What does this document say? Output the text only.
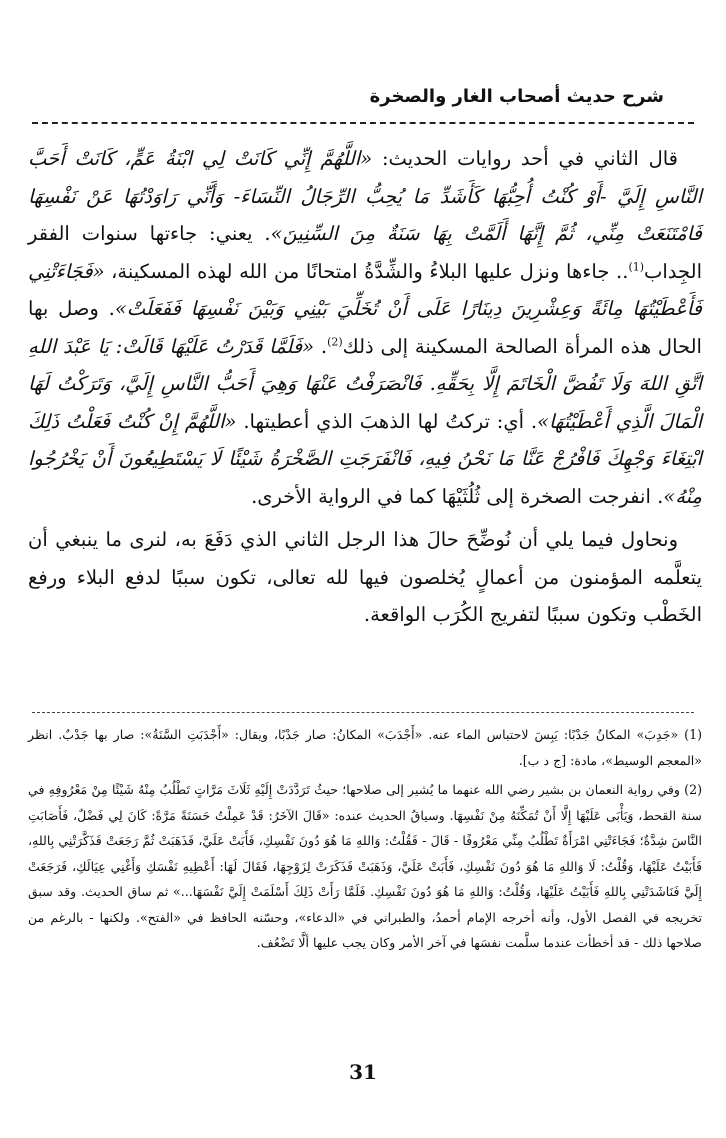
شرح حديث أصحاب الغار والصخرة

قال الثاني في أحد روايات الحديث: «اللَّهُمَّ إِنِّي كَانَتْ لِي ابْنَةُ عَمٍّ، كَانَتْ أَحَبَّ النَّاسِ إِلَيَّ -أَوْ كُنْتُ أُحِبُّهَا كَأَشَدِّ مَا يُحِبُّ الرِّجَالُ النِّسَاءَ- وَأَنِّي رَاوَدْتُهَا عَنْ نَفْسِهَا فَامْتَنَعَتْ مِنِّي، ثُمَّ إِنَّهَا أَلَمَّتْ بِهَا سَنَةٌ مِنَ السِّنِينَ». يعني: جاءتها سنوات الفقر الجِداب$^{(1)}$.. جاءها ونزل عليها البلاءُ والشِّدَّةُ امتحانًا من الله لهذه المسكينة، «فَجَاءَتْنِي فَأَعْطَيْتُهَا مِائَةً وَعِشْرِينَ دِينَارًا عَلَى أَنْ تُخَلِّيَ بَيْنِي وَبَيْنَ نَفْسِهَا فَفَعَلَتْ». وصل بها الحال هذه المرأة الصالحة المسكينة إلى ذلك$^{(2)}$. «فَلَمَّا قَدَرْتُ عَلَيْهَا قَالَتْ: يَا عَبْدَ اللهِ اتَّقِ اللهَ وَلَا تَفُضَّ الْخَاتَمَ إِلَّا بِحَقِّهِ. فَانْصَرَفْتُ عَنْهَا وَهِيَ أَحَبُّ النَّاسِ إِلَيَّ، وَتَرَكْتُ لَهَا الْمَالَ الَّذِي أَعْطَيْتُهَا». أي: تركتُ لها الذهبَ الذي أعطيتها. «اللَّهُمَّ إِنْ كُنْتُ فَعَلْتُ ذَلِكَ ابْتِغَاءَ وَجْهِكَ فَافْرُجْ عَنَّا مَا نَحْنُ فِيهِ، فَانْفَرَجَتِ الصَّخْرَةُ شَيْئًا لَا يَسْتَطِيعُونَ أَنْ يَخْرُجُوا مِنْهُ». انفرجت الصخرة إلى ثُلُثَيْهَا كما في الرواية الأخرى.

ونحاول فيما يلي أن نُوضِّحَ حالَ هذا الرجل الثاني الذي دَفَعَ به، لنرى ما ينبغي أن يتعلَّمه المؤمنون من أعمالٍ يُخلصون فيها لله تعالى، تكون سببًا لدفع البلاء ورفع الخَطْب وتكون سببًا لتفريج الكُرَب الواقعة.

(1) «جَدِبَ» المكانُ جَدْبًا: يَبِسَ لاحتباس الماء عنه. «أَجْدَبَ» المكانُ: صار جَدْبًا، ويقال: «أَجْدَبَتِ السَّنَةُ»: صار بها جَدْبٌ. انظر «المعجم الوسيط»، مادة: [ج د ب].

(2) وفي رواية النعمان بن بشير رضي الله عنهما ما يُشير إلى صلاحها؛ حيثُ تَرَدَّدَتْ إِلَيْهِ ثَلَاثَ مَرَّاتٍ تَطْلُبُ مِنْهُ شَيْئًا مِنْ مَعْرُوفِهِ في سنة القحط، وَيَأْبَى عَلَيْهَا إِلَّا أَنْ تُمَكِّنَهُ مِنْ نَفْسِهَا. وسياقُ الحديث عنده: «قَالَ الآخَرُ: قَدْ عَمِلْتُ حَسَنَةً مَرَّةً: كَانَ لِي فَضْلٌ، فَأَصَابَتِ النَّاسَ شِدَّةٌ؛ فَجَاءَتْنِي امْرَأَةٌ تَطْلُبُ مِنِّي مَعْرُوفًا - قَالَ - فَقُلْتُ: وَاللهِ مَا هُوَ دُونَ نَفْسِكِ، فَأَبَتْ عَلَيَّ، فَذَهَبَتْ ثُمَّ رَجَعَتْ فَذَكَّرَتْنِي بِاللهِ، فَأَبَيْتُ عَلَيْهَا، وَقُلْتُ: لَا وَاللهِ مَا هُوَ دُونَ نَفْسِكِ، فَأَبَتْ عَلَيَّ، وَذَهَبَتْ فَذَكَرَتْ لِزَوْجِهَا، فَقَالَ لَهَا: أَعْطِيهِ نَفْسَكِ وَأَغْنِي عِيَالَكِ، فَرَجَعَتْ إِلَيَّ فَنَاشَدَتْنِي بِاللهِ فَأَبَيْتُ عَلَيْهَا، وَقُلْتُ: وَاللهِ مَا هُوَ دُونَ نَفْسِكِ. فَلَمَّا رَأَتْ ذَلِكَ أَسْلَمَتْ إِلَيَّ نَفْسَهَا...» ثم ساق الحديث. وقد سبق تخريجه في الفصل الأول، وأنه أخرجه الإمام أحمدُ، والطبراني في «الدعاء»، وحسّنه الحافظ في «الفتح». ولكنها - بالرغم من صلاحها ذلك - قد أخطأت عندما سلَّمت نفسَها في آخر الأمر وكان يجب عليها ألَّا تَضْعُف.

31
